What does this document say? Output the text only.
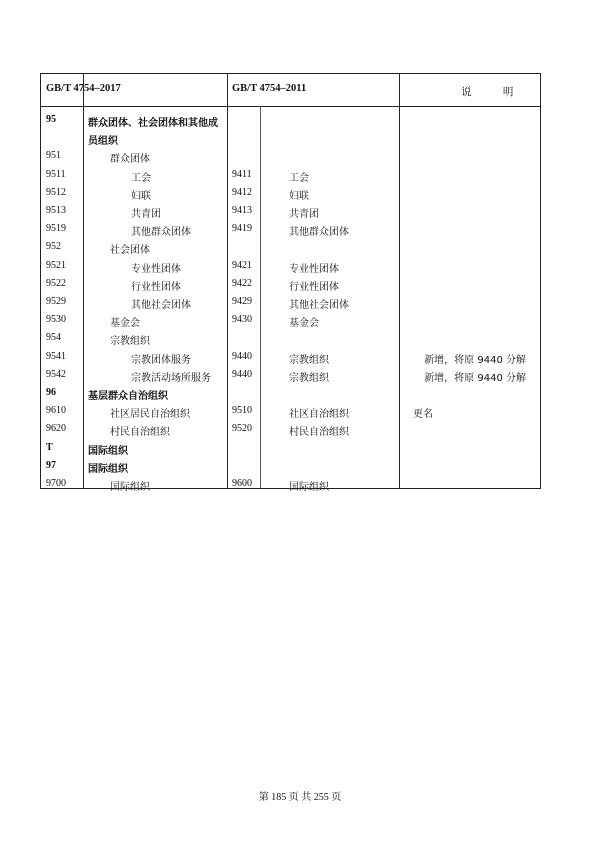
GB/T 4754–2017	GB/T 4754–2011	说 明
95	群众团体、社会团体和其他成
员组织
951	群众团体
9511	工会	9411	工会
9512	妇联	9412	妇联
9513	共青团	9413	共青团
9519	其他群众团体	9419	其他群众团体
952	社会团体
9521	专业性团体	9421	专业性团体
9522	行业性团体	9422	行业性团体
9529	其他社会团体	9429	其他社会团体
9530	基金会	9430	基金会
954	宗教组织
9541	宗教团体服务	9440	宗教组织	新增，将原 9440 分解
9542	宗教活动场所服务 9440	宗教组织	新增，将原 9440 分解
96	基层群众自治组织
9610	社区居民自治组织	9510	社区自治组织	更名
9620	村民自治组织	9520	村民自治组织
T	国际组织
97	国际组织
9700	国际组织	9600	国际组织
第 185 页 共 255 页
